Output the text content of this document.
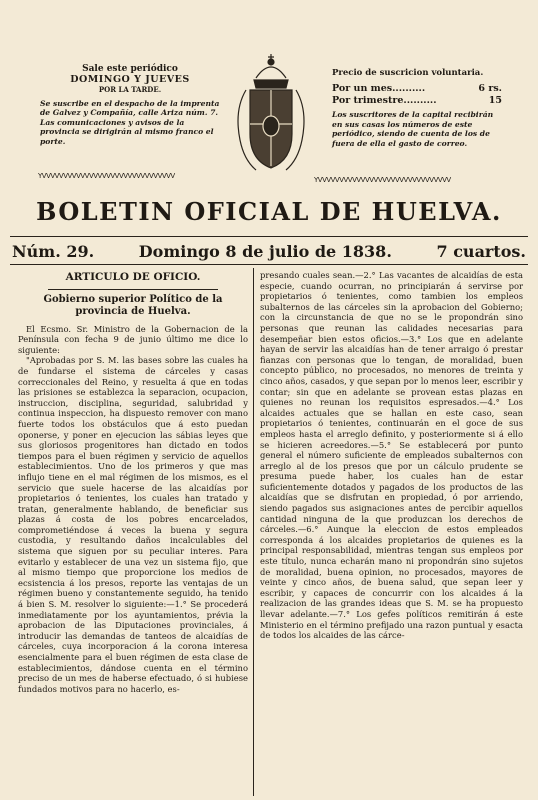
Sale este periódico
DOMINGO Y JUEVES
POR LA TARDE.
Se suscribe en el despacho de la imprenta de Galvez y Compañía, calle Ariza núm. 7. Las comunicaciones y avisos de la provincia se dirigirán al mismo franco el porte.
Precio de suscricion voluntaria.
Por un mes..........	6 rs.
Por trimestre..........	15
Los suscritores de la capital recibirán en sus casas los números de este periódico, siendo de cuenta de los de fuera de ella el gasto de correo.
YVVVVVVVVVVVVVVVVVVVVVVVVVVVVVVV	YVVVVVVVVVVVVVVVVVVVVVVVVVVVVVVV
BOLETIN OFICIAL DE HUELVA.
Núm. 29.	Domingo 8 de julio de 1838.	7 cuartos.
ARTICULO DE OFICIO.
Gobierno superior Político de la provincia de Huelva.

El Ecsmo. Sr. Ministro de la Gobernacion de la Península con fecha 9 de junio último me dice lo siguiente:

"Aprobadas por S. M. las bases sobre las cuales ha de fundarse el sistema de cárceles y casas correccionales del Reino, y resuelta á que en todas las prisiones se establezca la separacion, ocupacion, instruccion, disciplina, seguridad, salubridad y continua inspeccion, ha dispuesto remover con mano fuerte todos los obstáculos que á esto puedan oponerse, y poner en ejecucion las sábias leyes que sus gloriosos progenitores han dictado en todos tiempos para el buen régimen y servicio de aquellos establecimientos. Uno de los primeros y que mas influjo tiene en el mal régimen de los mismos, es el servicio que suele hacerse de las alcaidías por propietarios ó tenientes, los cuales han tratado y tratan, generalmente hablando, de beneficiar sus plazas á costa de los pobres encarcelados, comprometiéndose á veces la buena y segura custodia, y resultando daños incalculables del sistema que siguen por su peculiar interes. Para evitarlo y establecer de una vez un sistema fijo, que al mismo tiempo que proporcione los medios de ecsistencia á los presos, reporte las ventajas de un régimen bueno y constantemente seguido, ha tenido á bien S. M. resolver lo siguiente:—1.° Se procederá inmediatamente por los ayuntamientos, prévia la aprobacion de las Diputaciones provinciales, á introducir las demandas de tanteos de alcaidías de cárceles, cuya incorporacion á la corona interesa esencialmente para el buen régimen de esta clase de establecimientos, dándose cuenta en el término preciso de un mes de haberse efectuado, ó si hubiese fundados motivos para no hacerlo, es-

presando cuales sean.—2.° Las vacantes de alcaidías de esta especie, cuando ocurran, no principiarán á servirse por propietarios ó tenientes, como tambien los empleos subalternos de las cárceles sin la aprobacion del Gobierno; con la circunstancia de que no se le propondrán sino personas que reunan las calidades necesarias para desempeñar bien estos oficios.—3.° Los que en adelante hayan de servir las alcaidías han de tener arraigo ó prestar fianzas con personas que lo tengan, de moralidad, buen concepto público, no procesados, no menores de treinta y cinco años, casados, y que sepan por lo menos leer, escribir y contar; sin que en adelante se provean estas plazas en quienes no reunan los requisitos espresados.—4.° Los alcaides actuales que se hallan en este caso, sean propietarios ó tenientes, continuarán en el goce de sus empleos hasta el arreglo definito, y posteriormente si á ello se hicieren acreedores.—5.° Se establecerá por punto general el número suficiente de empleados subalternos con arreglo al de los presos que por un cálculo prudente se presuma puede haber, los cuales han de estar suficientemente dotados y pagados de los productos de las alcaidías que se disfrutan en propiedad, ó por arriendo, siendo pagados sus asignaciones antes de percibir aquellos cantidad ninguna de la que produzcan los derechos de cárceles.—6.° Aunque la eleccion de estos empleados corresponda á los alcaides propietarios de quienes es la principal responsabilidad, mientras tengan sus empleos por este título, nunca echarán mano ni propondrán sino sujetos de moralidad, buena opinion, no procesados, mayores de veinte y cinco años, de buena salud, que sepan leer y escribir, y capaces de concurrir con los alcaides á la realizacion de las grandes ideas que S. M. se ha propuesto llevar adelante.—7.° Los gefes políticos remitirán á este Ministerio en el término prefijado una razon puntual y esacta de todos los alcaides de las cárce-
